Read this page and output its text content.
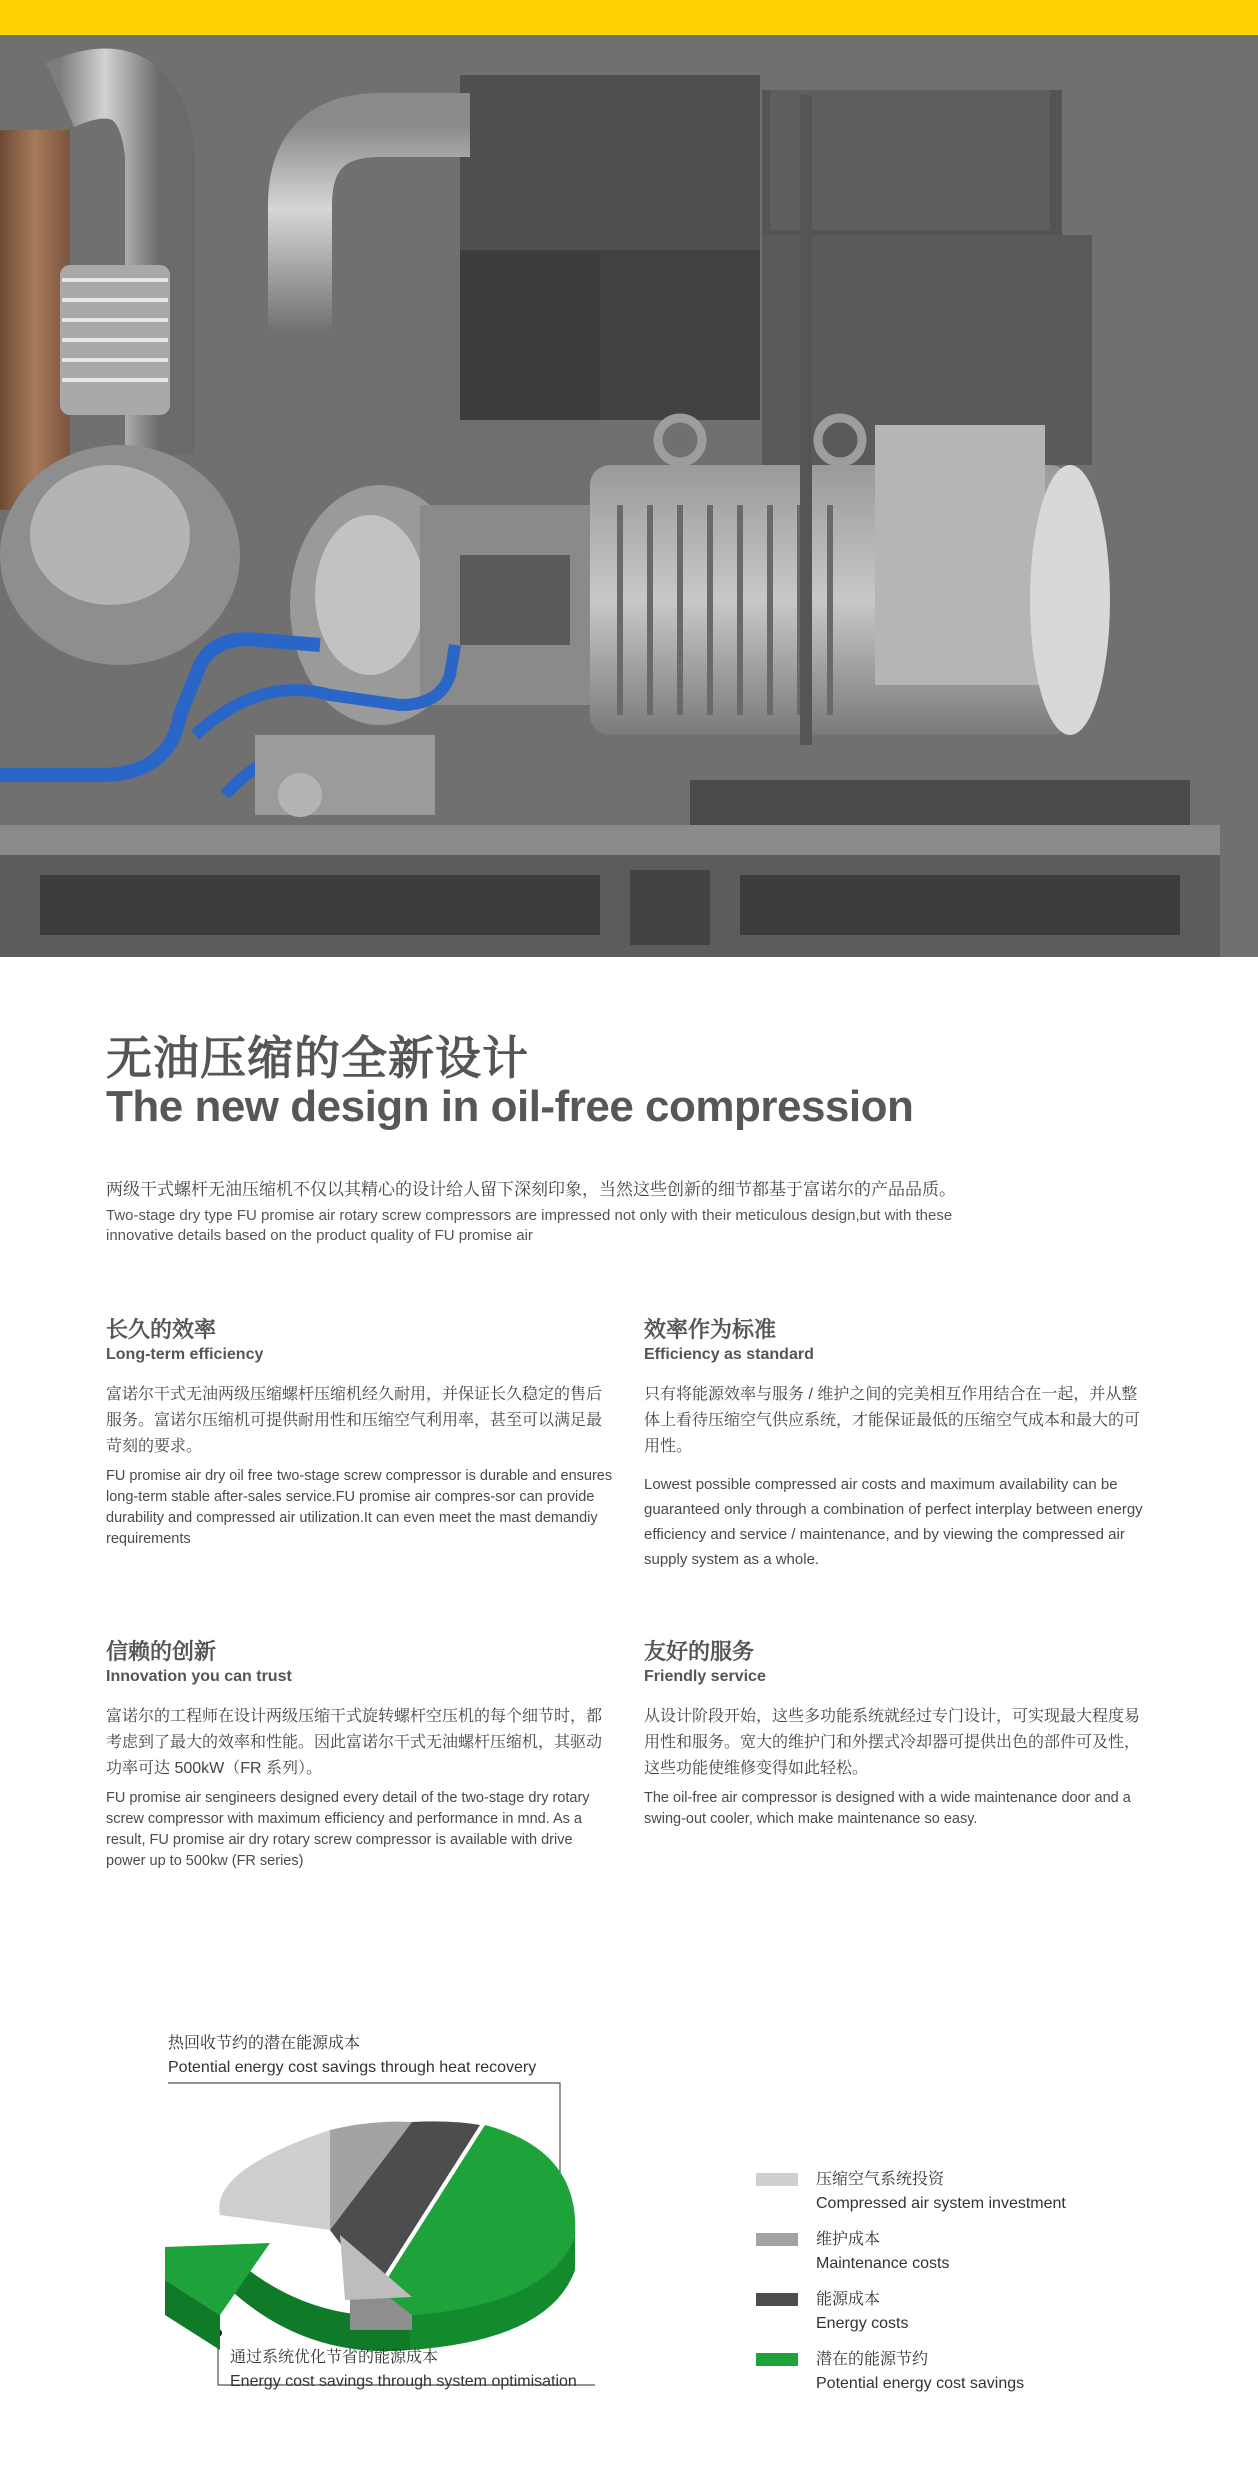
无油压缩的全新设计
The new design in oil-free compression
两级干式螺杆无油压缩机不仅以其精心的设计给人留下深刻印象，当然这些创新的细节都基于富诺尔的产品品质。
Two-stage dry type FU promise air rotary screw compressors are impressed not only with their meticulous design,but with these innovative details based on the product quality of FU promise air
长久的效率
Long-term efficiency
富诺尔干式无油两级压缩螺杆压缩机经久耐用，并保证长久稳定的售后服务。富诺尔压缩机可提供耐用性和压缩空气利用率，甚至可以满足最苛刻的要求。
FU promise air dry oil free two-stage screw compressor is durable and ensures long-term stable after-sales service.FU promise air compres-sor can provide durability and compressed air utilization.It can even meet the mast demandiy requirements
效率作为标准
Efficiency as standard
只有将能源效率与服务 / 维护之间的完美相互作用结合在一起，并从整体上看待压缩空气供应系统，才能保证最低的压缩空气成本和最大的可用性。
Lowest possible compressed air costs and maximum availability can be guaranteed only through a combination of perfect interplay between energy efficiency and service / maintenance, and by viewing the compressed air supply system as a whole.
信赖的创新
Innovation you can trust
富诺尔的工程师在设计两级压缩干式旋转螺杆空压机的每个细节时，都考虑到了最大的效率和性能。因此富诺尔干式无油螺杆压缩机，其驱动功率可达 500kW（FR 系列）。
FU promise air sengineers designed every detail of the two-stage dry rotary screw compressor with maximum efficiency and performance in mnd. As a result, FU promise air dry rotary screw compressor is available with drive power up to 500kw (FR series)
友好的服务
Friendly service
从设计阶段开始，这些多功能系统就经过专门设计，可实现最大程度易用性和服务。宽大的维护门和外摆式冷却器可提供出色的部件可及性，这些功能使维修变得如此轻松。
The oil-free air compressor is designed with a wide maintenance door and a swing-out cooler, which make maintenance so easy.
热回收节约的潜在能源成本
Potential energy cost savings through heat recovery
通过系统优化节省的能源成本
Energy cost savings through system optimisation
压缩空气系统投资
Compressed air system investment
维护成本
Maintenance costs
能源成本
Energy costs
潜在的能源节约
Potential energy cost savings
